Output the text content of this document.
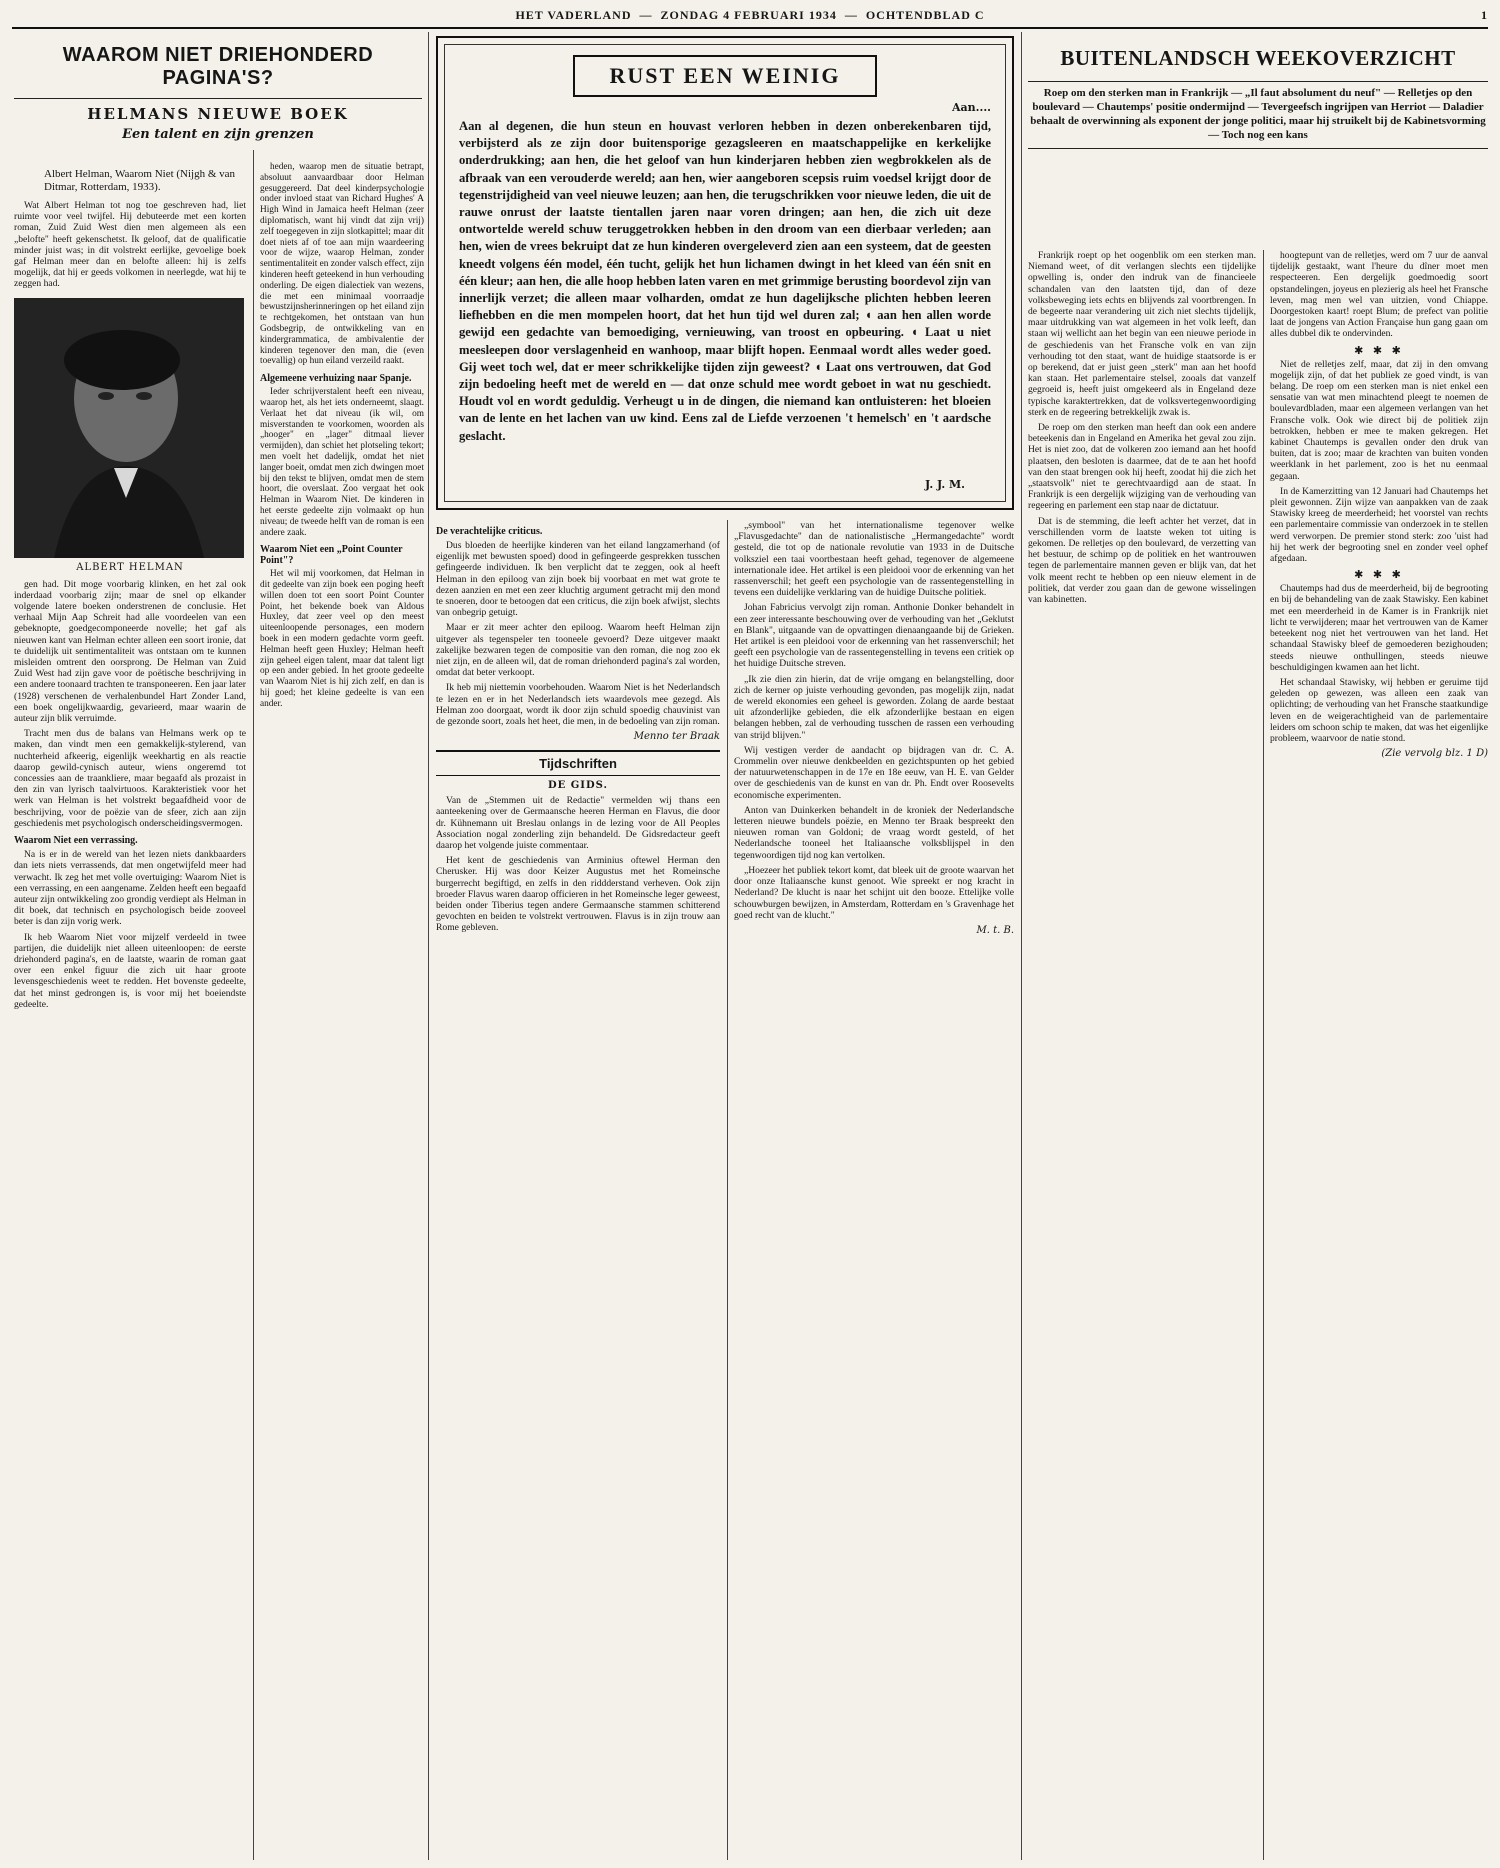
HET VADERLAND  —  ZONDAG 4 FEBRUARI 1934  —  OCHTENDBLAD C	1
WAAROM NIET DRIEHONDERD PAGINA'S?
HELMANS NIEUWE BOEK
Een talent en zijn grenzen
Albert Helman, Waarom Niet (Nijgh & van Ditmar, Rotterdam, 1933).

Wat Albert Helman tot nog toe geschreven had, liet ruimte voor veel twijfel. Hij debuteerde met een korten roman, Zuid Zuid West dien men algemeen als een „belofte" heeft gekenschetst. Ik geloof, dat de qualificatie minder juist was; in dit volstrekt eerlijke, gevoelige boek gaf Helman meer dan en belofte alleen: hij is zelfs mogelijk, dat hij er geeds volkomen in neerlegde, wat hij te zeggen had.

ALBERT HELMAN

gen had. Dit moge voorbarig klinken, en het zal ook inderdaad voorbarig zijn; maar de snel op elkander volgende latere boeken onderstrenen de conclusie. Het verhaal Mijn Aap Schreit had alle voordeelen van een gebeknopte, goedgecomponeerde novelle; het gaf als nieuwen kant van Helman echter alleen een soort ironie, dat te duidelijk uit sentimentaliteit was ontstaan om te kunnen misleiden omtrent den oorsprong. De Helman van Zuid Zuid West had zijn gave voor de poëtische beschrijving in een andere toonaard trachten te transponeeren. Een jaar later (1928) verschenen de verhalenbundel Hart Zonder Land, een boek ongelijkwaardig, gevarieerd, maar waarin de auteur zijn blik verruimde.

Tracht men dus de balans van Helmans werk op te maken, dan vindt men een gemakkelijk-stylerend, van nuchterheid afkeerig, eigenlijk weekhartig en als reactie daarop gewild-cynisch auteur, wiens ongeremd tot concessies aan de traankliere, maar begaafd als prozaist in den zin van lyrisch taalvirtuoos. Karakteristiek voor het werk van Helman is het volstrekt begaafdheid voor de beschrijving, voor de poëzie van de sfeer, zich aan zijn geschiedenis met psychologisch onderscheidingsvermogen.

Waarom Niet een verrassing.

Na is er in de wereld van het lezen niets dankbaarders dan iets niets verrassends, dat men ongetwijfeld meer had verwacht. Ik zeg het met volle overtuiging: Waarom Niet is een verrassing, en een aangename. Zelden heeft een begaafd auteur zijn ontwikkeling zoo grondig verdiept als Helman in dit boek, dat technisch en psychologisch beide zooveel beter is dan zijn vorig werk.

Ik heb Waarom Niet voor mijzelf verdeeld in twee partijen, die duidelijk niet alleen uiteenloopen: de eerste driehonderd pagina's, en de laatste, waarin de roman gaat over een enkel figuur die zich uit haar groote levensgeschiedenis weet te redden. Het bovenste gedeelte, dat het minst gedrongen is, is voor mij het boeiendste gedeelte.

heden, waarop men de situatie betrapt, absoluut aanvaardbaar door Helman gesuggereerd. Dat deel kinderpsychologie onder invloed staat van Richard Hughes' A High Wind in Jamaica heeft Helman (zeer diplomatisch, want hij vindt dat zijn vrij) zelf toegegeven in zijn slotkapittel; maar dit doet niets af of toe aan mijn waardeering voor de wijze, waarop Helman, zonder sentimentaliteit en zonder valsch effect, zijn kinderen heeft geteekend in hun verhouding onderling. De eigen dialectiek van wezens, die met een minimaal voorraadje bewustzijnsherinneringen op het eiland zijn te rechtgekomen, het ontstaan van hun Godsbegrip, de ontwikkeling van en kindergrammatica, de ambivalentie der kinderen tegenover den man, die (even toevallig) op hun eiland verzeild raakt.

Algemeene verhuizing naar Spanje.

Ieder schrijverstalent heeft een niveau, waarop het, als het iets onderneemt, slaagt. Verlaat het dat niveau (ik wil, om misverstanden te voorkomen, woorden als „hooger" en „lager" ditmaal liever vermijden), dan schiet het plotseling tekort; men voelt het dadelijk, omdat het niet langer boeit, omdat men zich dwingen moet bij den tekst te blijven, omdat men de stem hoort, die overslaat. Zoo vergaat het ook Helman in Waarom Niet. De kinderen in het eerste gedeelte zijn volmaakt op hun niveau; de tweede helft van de roman is een andere zaak.

Waarom Niet een „Point Counter Point"?

Het wil mij voorkomen, dat Helman in dit gedeelte van zijn boek een poging heeft willen doen tot een soort Point Counter Point, het bekende boek van Aldous Huxley, dat zeer veel op den meest uiteenloopende personages, een modern boek in een modern gedachte vorm geeft. Helman heeft geen Huxley; Helman heeft zijn geheel eigen talent, maar dat talent ligt op een ander gebied. In het groote gedeelte van Waarom Niet is hij zich zelf, en dan is hij goed; het kleine gedeelte is van een ander.

RUST EEN WEINIG
Aan....

Aan al degenen, die hun steun en houvast verloren hebben in dezen onberekenbaren tijd, verbijsterd als ze zijn door buitensporige gezagsleeren en maatschappelijke en kerkelijke onderdrukking; aan hen, die het geloof van hun kinderjaren hebben zien wegbrokkelen als de afbraak van een verouderde wereld; aan hen, wier aangeboren scepsis ruim voedsel krijgt door de tegenstrijdigheid van veel nieuwe leuzen; aan hen, die terugschrikken voor nieuwe leden, die uit de rauwe onrust der laatste tientallen jaren naar voren dringen; aan hen, die zich uit deze ontwortelde wereld schuw teruggetrokken hebben in den droom van een dierbaar verleden; aan hen, wien de vrees bekruipt dat ze hun kinderen overgeleverd zien aan een systeem, dat de geesten kneedt volgens één model, één tucht, gelijk het hun lichamen dwingt in het kleed van één snit en één kleur; aan hen, die alle hoop hebben laten varen en met grimmige berusting boordevol zijn van innerlijk verzet; die alleen maar volharden, omdat ze hun dagelijksche plichten hebben leeren liefhebben en die men mompelen hoort, dat het hun tijd wel duren zal; ◖ aan hen allen worde gewijd een gedachte van bemoediging, vernieuwing, van troost en opbeuring. ◖ Laat u niet meesleepen door verslagenheid en wanhoop, maar blijft hopen. Eenmaal wordt alles weder goed. Gij weet toch wel, dat er meer schrikkelijke tijden zijn geweest? ◖ Laat ons vertrouwen, dat God zijn bedoeling heeft met de wereld en — dat onze schuld mee wordt geboet in wat nu geschiedt. Houdt vol en wordt geduldig. Verheugt u in de dingen, die niemand kan ontluisteren: het bloeien van de lente en het lachen van uw kind. Eens zal de Liefde verzoenen 't hemelsch' en 't aardsche geslacht.

J. J. M.
De verachtelijke criticus.

Dus bloeden de heerlijke kinderen van het eiland langzamerhand (of eigenlijk met bewusten spoed) dood in gefingeerde gesprekken tusschen gefingeerde individuen. Ik ben verplicht dat te zeggen, ook al heeft Helman in den epiloog van zijn boek bij voorbaat en met wat grote te dezen aanzien en met een zeer kluchtig argument getracht mij den mond te snoeren, door te betoogen dat een criticus, die zijn boek afwijst, slechts van onbegrip getuigt.

Maar er zit meer achter den epiloog. Waarom heeft Helman zijn uitgever als tegenspeler ten tooneele gevoerd? Deze uitgever maakt zakelijke bezwaren tegen de compositie van den roman, die nog zoo ek niet zijn, en de alleen wil, dat de roman driehonderd pagina's zal worden, omdat dat beter verkoopt.

Ik heb mij niettemin voorbehouden. Waarom Niet is het Nederlandsch te lezen en er in het Nederlandsch iets waardevols mee gezegd. Als Helman zoo doorgaat, wordt ik door zijn schuld spoedig chauvinist van de gezonde soort, zoals het heet, die men, in de bedoeling van zijn roman.

Menno ter Braak
Tijdschriften
DE GIDS.

Van de „Stemmen uit de Redactie" vermelden wij thans een aanteekening over de Germaansche heeren Herman en Flavus, die door dr. Kühnemann uit Breslau onlangs in de lezing voor de All Peoples Association nogal zonderling zijn behandeld. De Gidsredacteur geeft daarop het volgende juiste commentaar.

Het kent de geschiedenis van Arminius oftewel Herman den Cherusker. Hij was door Keizer Augustus met het Romeinsche burgerrecht begiftigd, en zelfs in den riddderstand verheven. Ook zijn broeder Flavus waren daarop officieren in het Romeinsche leger geweest, beiden onder Tiberius tegen andere Germaansche stammen schitterend gevochten en beiden te volstrekt vertrouwen. Flavus is in zijn trouw aan Rome gebleven.

„symbool" van het internationalisme tegenover welke „Flavusgedachte" dan de nationalistische „Hermangedachte" wordt gesteld, die tot op de nationale revolutie van 1933 in de Duitsche volksziel een taai voortbestaan heeft gehad, tegenover de algemeene internationale idee. Het artikel is een pleidooi voor de erkenning van het rassenverschil; het geeft een psychologie van de rassentegenstelling in tevens een duidelijke verklaring van de huidige Duitsche politiek.

Johan Fabricius vervolgt zijn roman. Anthonie Donker behandelt in een zeer interessante beschouwing over de verhouding van het „Geklutst en Blank", uitgaande van de opvattingen dienaangaande bij de Grieken. Het artikel is een pleidooi voor de erkenning van het rassenverschil; het geeft een psychologie van de rassentegenstelling in tevens een critiek op het huidige Duitsche streven.

„Ik zie dien zin hierin, dat de vrije omgang en belangstelling, door zich de kerner op juiste verhouding gevonden, pas mogelijk zijn, nadat de wereld ekonomies een geheel is geworden. Zolang de aarde bestaat uit afzonderlijke gebieden, die elk afzonderlijke bestaan en eigen belangen hebben, zal de verhouding tusschen de rassen een verhouding van strijd blijven."

Wij vestigen verder de aandacht op bijdragen van dr. C. A. Crommelin over nieuwe denkbeelden en gezichtspunten op het gebied der natuurwetenschappen in de 17e en 18e eeuw, van H. E. van Gelder over de geschiedenis van de kunst en van dr. Ph. Endt over Roosevelts economische experimenten.

Anton van Duinkerken behandelt in de kroniek der Nederlandsche letteren nieuwe bundels poëzie, en Menno ter Braak bespreekt den nieuwen roman van Goldoni; de vraag wordt gesteld, of het Nederlandsche tooneel het Italiaansche volksblijspel in den tegenwoordigen tijd nog kan vertolken.

„Hoezeer het publiek tekort komt, dat bleek uit de groote waarvan het door onze Italiaansche kunst genoot. Wie spreekt er nog kracht in Nederland? De klucht is naar het schijnt uit den booze. Ettelijke volle schouwburgen bewijzen, in Amsterdam, Rotterdam en 's Gravenhage het goed recht van de klucht."

M. t. B.
BUITENLANDSCH WEEKOVERZICHT
Roep om den sterken man in Frankrijk — „Il faut absolument du neuf" — Relletjes op den boulevard — Chautemps' positie ondermijnd — Tevergeefsch ingrijpen van Herriot — Daladier behaalt de overwinning als exponent der jonge politici, maar hij struikelt bij de Kabinetsvorming — Toch nog een kans

Frankrijk roept op het oogenblik om een sterken man. Niemand weet, of dit verlangen slechts een tijdelijke opwelling is, onder den indruk van de financieele schandalen van den laatsten tijd, dan of deze volksbeweging iets echts en blijvends zal voortbrengen. In de begeerte naar verandering uit zich niet slechts tijdelijk, maar uitdrukking van wat algemeen in het volk leeft, dan staan wij wellicht aan het begin van een nieuwe periode in de geschiedenis van het Fransche volk en van zijn verhouding tot den staat, want de huidige staatsorde is er op berekend, dat er juist geen „sterk" man aan het hoofd kan staan. Het parlementaire stelsel, zooals dat vanzelf gegroeid is, heeft juist omgekeerd als in Engeland deze typische karaktertrekken, dat de volksvertegenwoordiging sterk en de regeering betrekkelijk zwak is.

De roep om den sterken man heeft dan ook een andere beteekenis dan in Engeland en Amerika het geval zou zijn. Het is niet zoo, dat de volkeren zoo iemand aan het hoofd plaatsen, den besloten is daarmee, dat de te aan het hoofd van den staat brengen ook hij heeft, zoodat hij die zich het „staatsvolk" niet te gerechtvaardigd aan de staat. In Frankrijk is een dergelijk wijziging van de verhouding van regeering en parlement een stap naar de dictatuur.

Dat is de stemming, die leeft achter het verzet, dat in verschillenden vorm de laatste weken tot uiting is gekomen. De relletjes op den boulevard, de verzetting van het bestuur, de schimp op de politiek en het wantrouwen tegen de parlementaire mannen geven er blijk van, dat het volk meent recht te hebben op een nieuw element in de politiek, dat verder zou gaan dan de gewone wisselingen van kabinetten.

hoogtepunt van de relletjes, werd om 7 uur de aanval tijdelijk gestaakt, want l'heure du dîner moet men respecteeren. Een dergelijk goedmoedig soort opstandelingen, joyeus en plezierig als heel het Fransche leven, mag men wel van uitzien, vond Chiappe. Doorgestoken kaart! roept Blum; de prefect van politie laat de jongens van Action Française hun gang gaan om alles dubbel dik te ondervinden.

✱ ✱ ✱

Niet de relletjes zelf, maar, dat zij in den omvang mogelijk zijn, of dat het publiek ze goed vindt, is van belang. De roep om een sterken man is niet enkel een sensatie van wat men minachtend pleegt te noemen de boulevardbladen, maar een algemeen verlangen van het Fransche volk. Ook wie direct bij de politiek zijn betrokken, hebben er mee te maken gekregen. Het kabinet Chautemps is gevallen onder den druk van buiten, dat is zoo; maar de krachten van buiten vonden weerklank in het parlement, zoo is het nu eenmaal gegaan.

In de Kamerzitting van 12 Januari had Chautemps het pleit gewonnen. Zijn wijze van aanpakken van de zaak Stawisky kreeg de meerderheid; het voorstel van rechts een parlementaire commissie van onderzoek in te stellen werd verworpen. De premier stond sterk: zoo 'uist had hij het werk der begrooting snel en zonder veel ophef afgedaan.

✱ ✱ ✱

Chautemps had dus de meerderheid, bij de begrooting en bij de behandeling van de zaak Stawisky. Een kabinet met een meerderheid in de Kamer is in Frankrijk niet licht te verwijderen; maar het vertrouwen van de Kamer beteekent nog niet het vertrouwen van het land. Het schandaal Stawisky bleef de gemoederen bezighouden; steeds nieuwe onthullingen, steeds nieuwe beschuldigingen kwamen aan het licht.

Het schandaal Stawisky, wij hebben er geruime tijd geleden op gewezen, was alleen een zaak van oplichting; de verhouding van het Fransche staatkundige leven en de weigerachtigheid van de parlementaire leiders om schoon schip te maken, dat was het eigenlijke probleem, waarvoor de natie stond.

(Zie vervolg blz. 1 D)
